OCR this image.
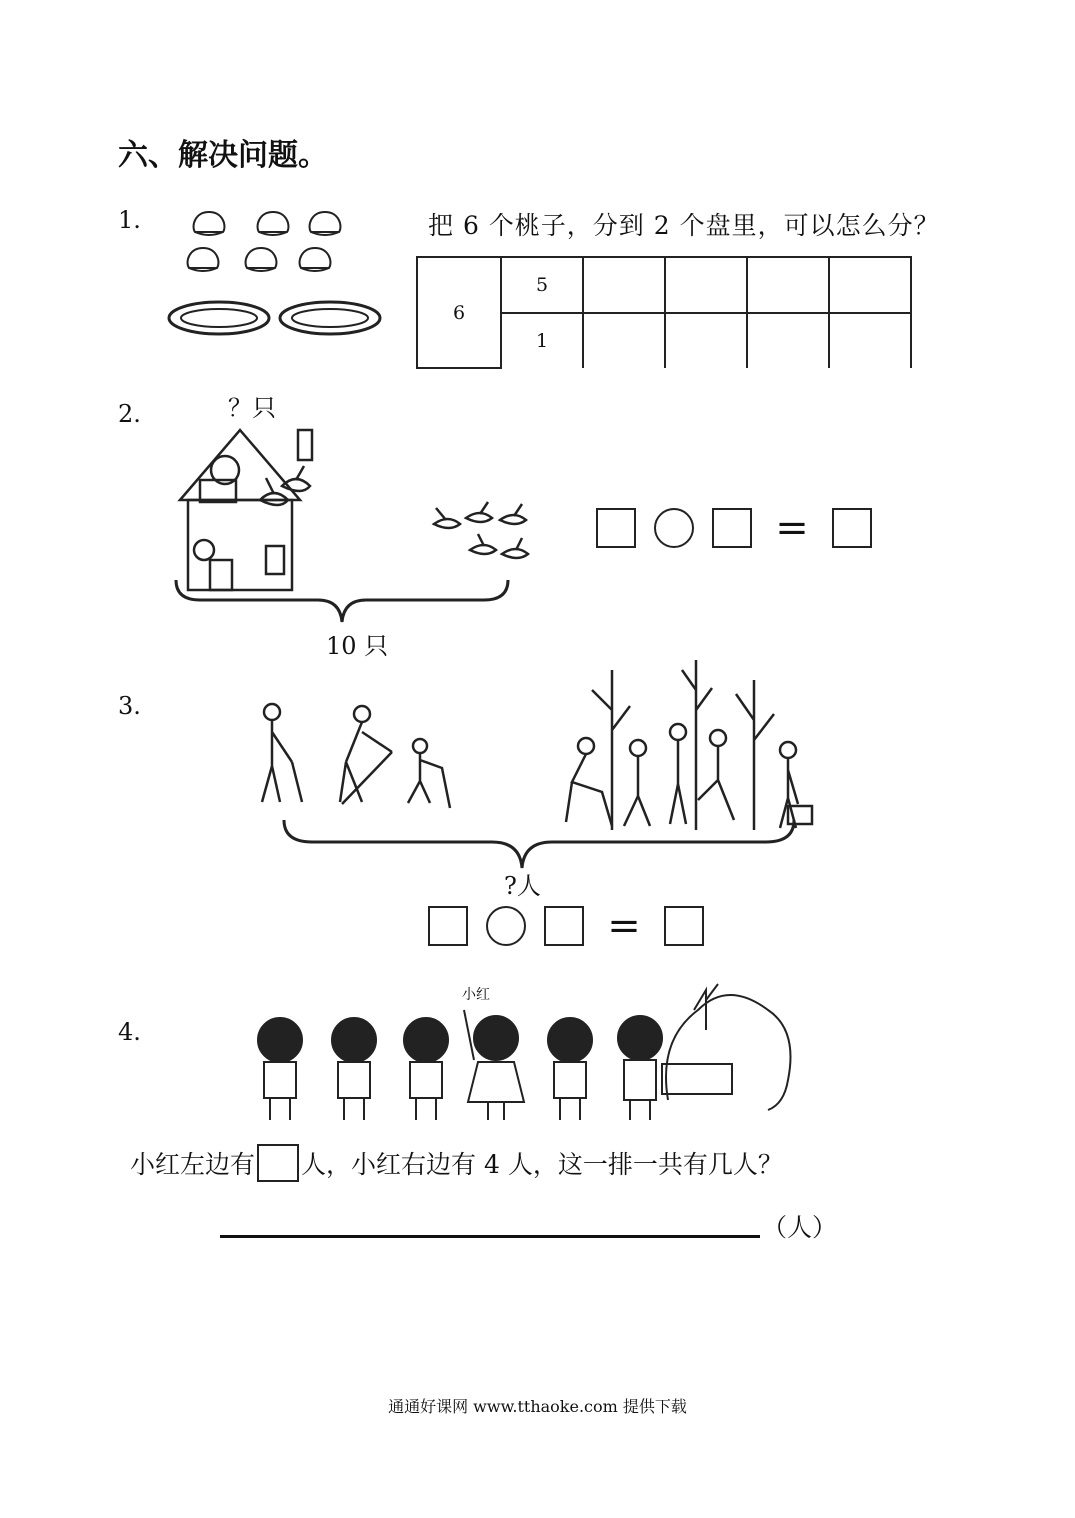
六、解决问题。
1.	把 6 个桃子，分到 2 个盘里，可以怎么分？
6	5				
	1				
2.	？只
10 只
=
3.
?人
=
4.
小红
小红左边有 人，小红右边有 4 人，这一排一共有几人？
（人）
通通好课网 www.tthaoke.com 提供下载
